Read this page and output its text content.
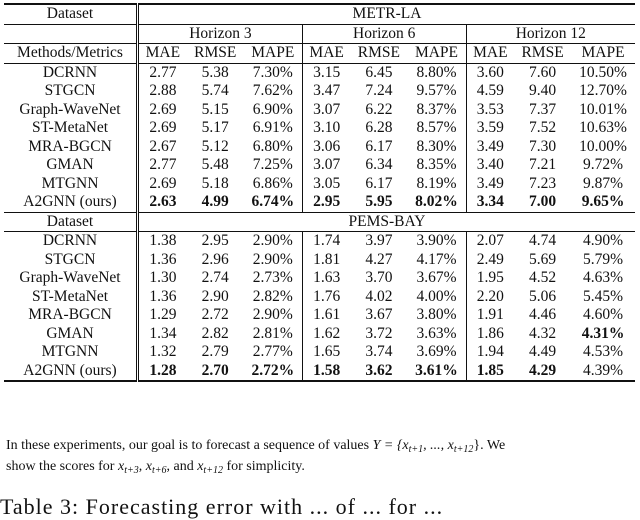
Dataset	METR-LA								
	Horizon 3			Horizon 6			Horizon 12		
Methods/Metrics	MAE	RMSE	MAPE	MAE	RMSE	MAPE	MAE	RMSE	MAPE
DCRNN	2.77	5.38	7.30%	3.15	6.45	8.80%	3.60	7.60	10.50%
STGCN	2.88	5.74	7.62%	3.47	7.24	9.57%	4.59	9.40	12.70%
Graph-WaveNet	2.69	5.15	6.90%	3.07	6.22	8.37%	3.53	7.37	10.01%
ST-MetaNet	2.69	5.17	6.91%	3.10	6.28	8.57%	3.59	7.52	10.63%
MRA-BGCN	2.67	5.12	6.80%	3.06	6.17	8.30%	3.49	7.30	10.00%
GMAN	2.77	5.48	7.25%	3.07	6.34	8.35%	3.40	7.21	9.72%
MTGNN	2.69	5.18	6.86%	3.05	6.17	8.19%	3.49	7.23	9.87%
A2GNN (ours)	2.63	4.99	6.74%	2.95	5.95	8.02%	3.34	7.00	9.65%
Dataset	PEMS-BAY								
DCRNN	1.38	2.95	2.90%	1.74	3.97	3.90%	2.07	4.74	4.90%
STGCN	1.36	2.96	2.90%	1.81	4.27	4.17%	2.49	5.69	5.79%
Graph-WaveNet	1.30	2.74	2.73%	1.63	3.70	3.67%	1.95	4.52	4.63%
ST-MetaNet	1.36	2.90	2.82%	1.76	4.02	4.00%	2.20	5.06	5.45%
MRA-BGCN	1.29	2.72	2.90%	1.61	3.67	3.80%	1.91	4.46	4.60%
GMAN	1.34	2.82	2.81%	1.62	3.72	3.63%	1.86	4.32	4.31%
MTGNN	1.32	2.79	2.77%	1.65	3.74	3.69%	1.94	4.49	4.53%
A2GNN (ours)	1.28	2.70	2.72%	1.58	3.62	3.61%	1.85	4.29	4.39%
In these experiments, our goal is to forecast a sequence of values $Y = \{x_{t+1}$, ..., $x_{t+12}$}. We
show the scores for $x_{t+3}$, $x_{t+6}$, and $x_{t+12}$ for simplicity.
Table 3: Forecasting error with ... of ... for ...
